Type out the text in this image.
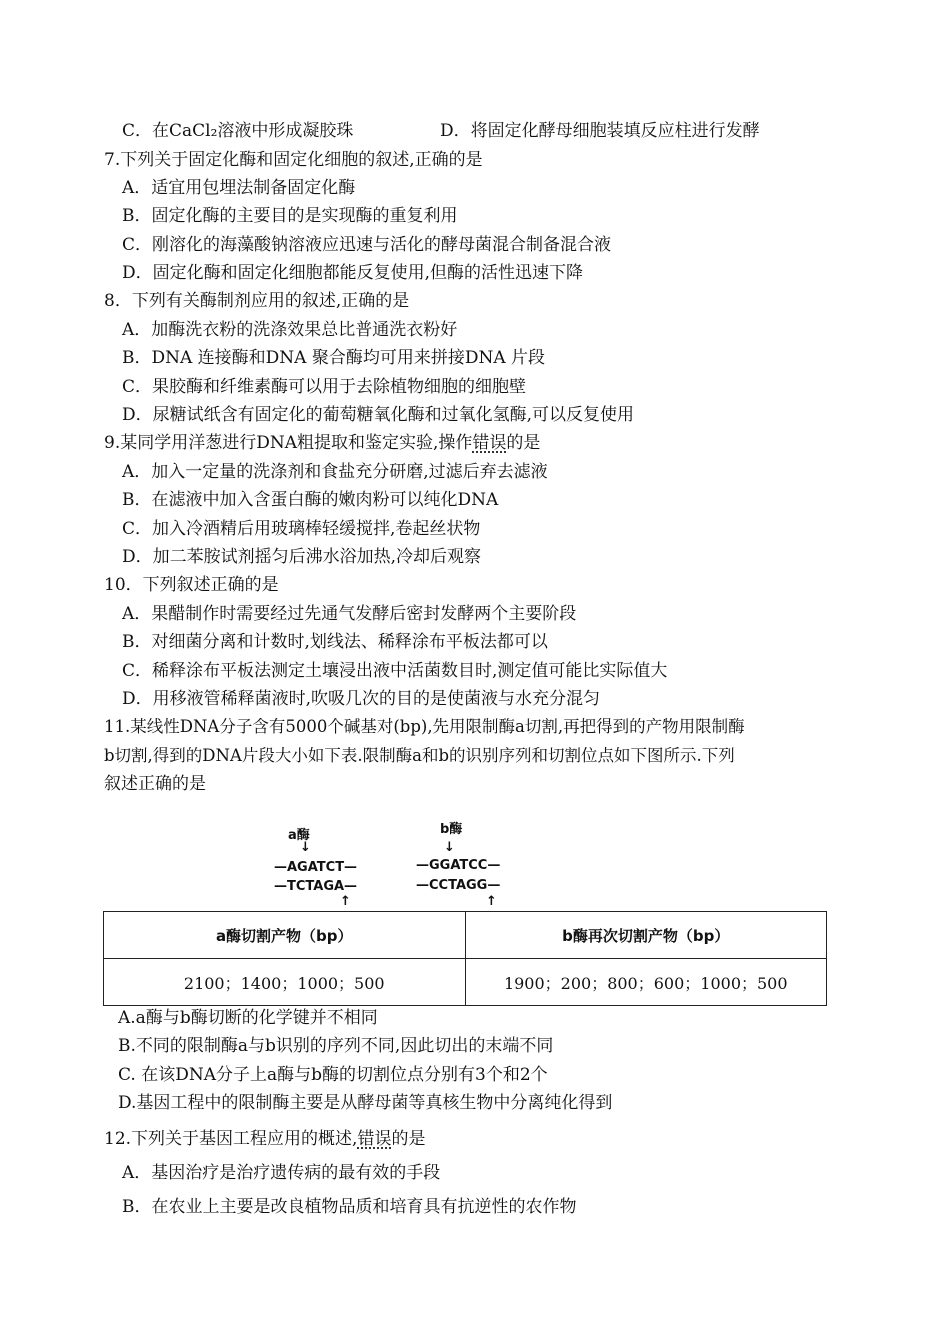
C．在CaCl₂溶液中形成凝胶珠	D．将固定化酵母细胞装填反应柱进行发酵
7.下列关于固定化酶和固定化细胞的叙述,正确的是
A．适宜用包埋法制备固定化酶
B．固定化酶的主要目的是实现酶的重复利用
C．刚溶化的海藻酸钠溶液应迅速与活化的酵母菌混合制备混合液
D．固定化酶和固定化细胞都能反复使用,但酶的活性迅速下降
8．下列有关酶制剂应用的叙述,正确的是
A．加酶洗衣粉的洗涤效果总比普通洗衣粉好
B．DNA 连接酶和DNA 聚合酶均可用来拼接DNA 片段
C．果胶酶和纤维素酶可以用于去除植物细胞的细胞壁
D．尿糖试纸含有固定化的葡萄糖氧化酶和过氧化氢酶,可以反复使用
9.某同学用洋葱进行DNA粗提取和鉴定实验,操作错误的是
A．加入一定量的洗涤剂和食盐充分研磨,过滤后弃去滤液
B．在滤液中加入含蛋白酶的嫩肉粉可以纯化DNA
C．加入冷酒精后用玻璃棒轻缓搅拌,卷起丝状物
D．加二苯胺试剂摇匀后沸水浴加热,冷却后观察
10．下列叙述正确的是
A．果醋制作时需要经过先通气发酵后密封发酵两个主要阶段
B．对细菌分离和计数时,划线法、稀释涂布平板法都可以
C．稀释涂布平板法测定土壤浸出液中活菌数目时,测定值可能比实际值大
D．用移液管稀释菌液时,吹吸几次的目的是使菌液与水充分混匀
11.某线性DNA分子含有5000个碱基对(bp),先用限制酶a切割,再把得到的产物用限制酶
b切割,得到的DNA片段大小如下表.限制酶a和b的识别序列和切割位点如下图所示.下列
叙述正确的是
a酶
↓
—AGATCT—
—TCTAGA—
↑
b酶
↓
—GGATCC—
—CCTAGG—
↑
a酶切割产物（bp）	b酶再次切割产物（bp）
2100；1400；1000；500	1900；200；800；600；1000；500
A.a酶与b酶切断的化学键并不相同
B.不同的限制酶a与b识别的序列不同,因此切出的末端不同
C. 在该DNA分子上a酶与b酶的切割位点分别有3个和2个
D.基因工程中的限制酶主要是从酵母菌等真核生物中分离纯化得到
12.下列关于基因工程应用的概述,错误的是
A．基因治疗是治疗遗传病的最有效的手段
B．在农业上主要是改良植物品质和培育具有抗逆性的农作物
